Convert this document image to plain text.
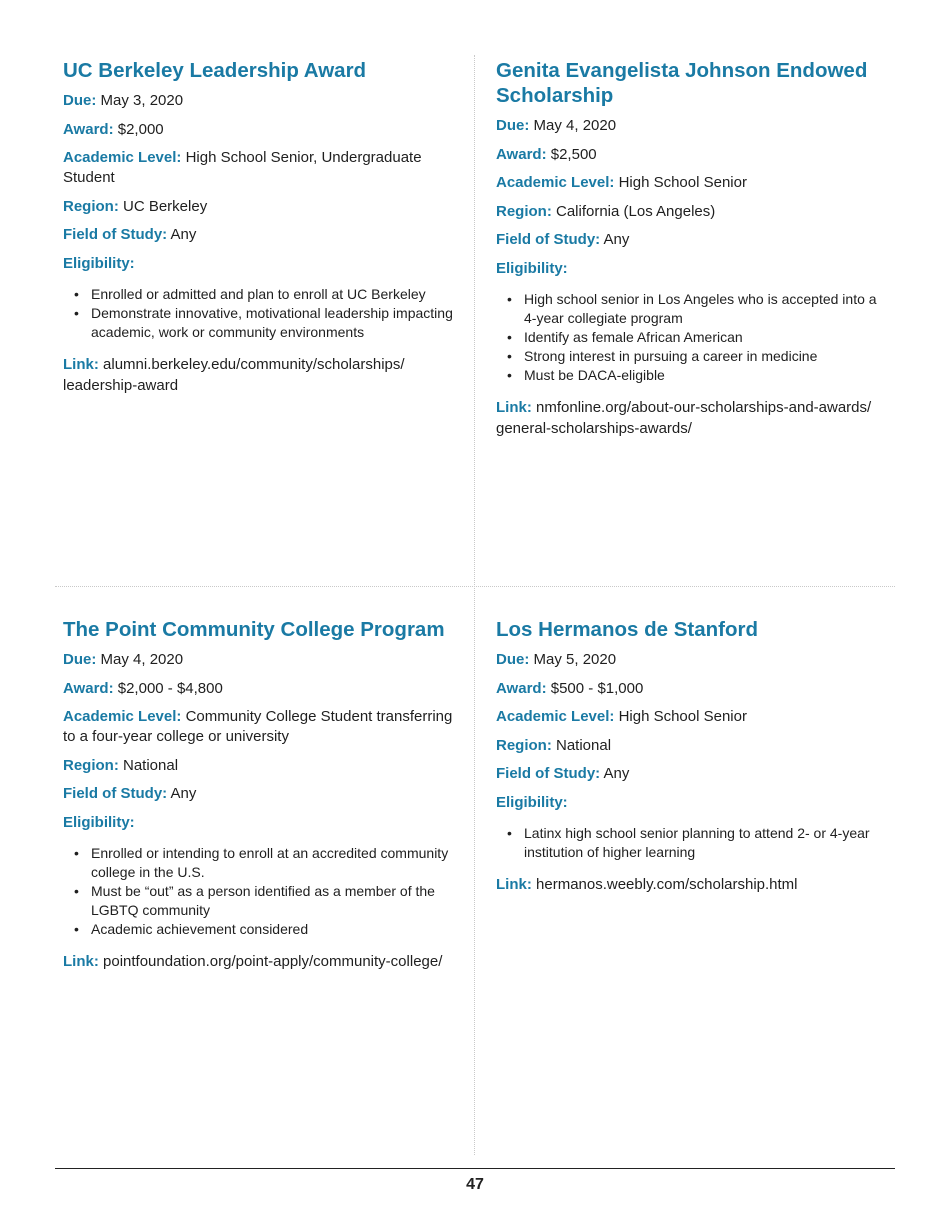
UC Berkeley Leadership Award
Due: May 3, 2020
Award: $2,000
Academic Level: High School Senior, Undergraduate Student
Region: UC Berkeley
Field of Study: Any
Eligibility:
• Enrolled or admitted and plan to enroll at UC Berkeley
• Demonstrate innovative, motivational leadership impacting academic, work or community environments
Link: alumni.berkeley.edu/community/scholarships/ leadership-award
Genita Evangelista Johnson Endowed Scholarship
Due: May 4, 2020
Award: $2,500
Academic Level: High School Senior
Region: California (Los Angeles)
Field of Study: Any
Eligibility:
• High school senior in Los Angeles who is accepted into a 4-year collegiate program
• Identify as female African American
• Strong interest in pursuing a career in medicine
• Must be DACA-eligible
Link: nmfonline.org/about-our-scholarships-and-awards/ general-scholarships-awards/
The Point Community College Program
Due: May 4, 2020
Award: $2,000 - $4,800
Academic Level: Community College Student transferring to a four-year college or university
Region: National
Field of Study: Any
Eligibility:
• Enrolled or intending to enroll at an accredited community college in the U.S.
• Must be “out” as a person identified as a member of the LGBTQ community
• Academic achievement considered
Link: pointfoundation.org/point-apply/community-college/
Los Hermanos de Stanford
Due: May 5, 2020
Award: $500 - $1,000
Academic Level: High School Senior
Region: National
Field of Study: Any
Eligibility:
• Latinx high school senior planning to attend 2- or 4-year institution of higher learning
Link: hermanos.weebly.com/scholarship.html
47
